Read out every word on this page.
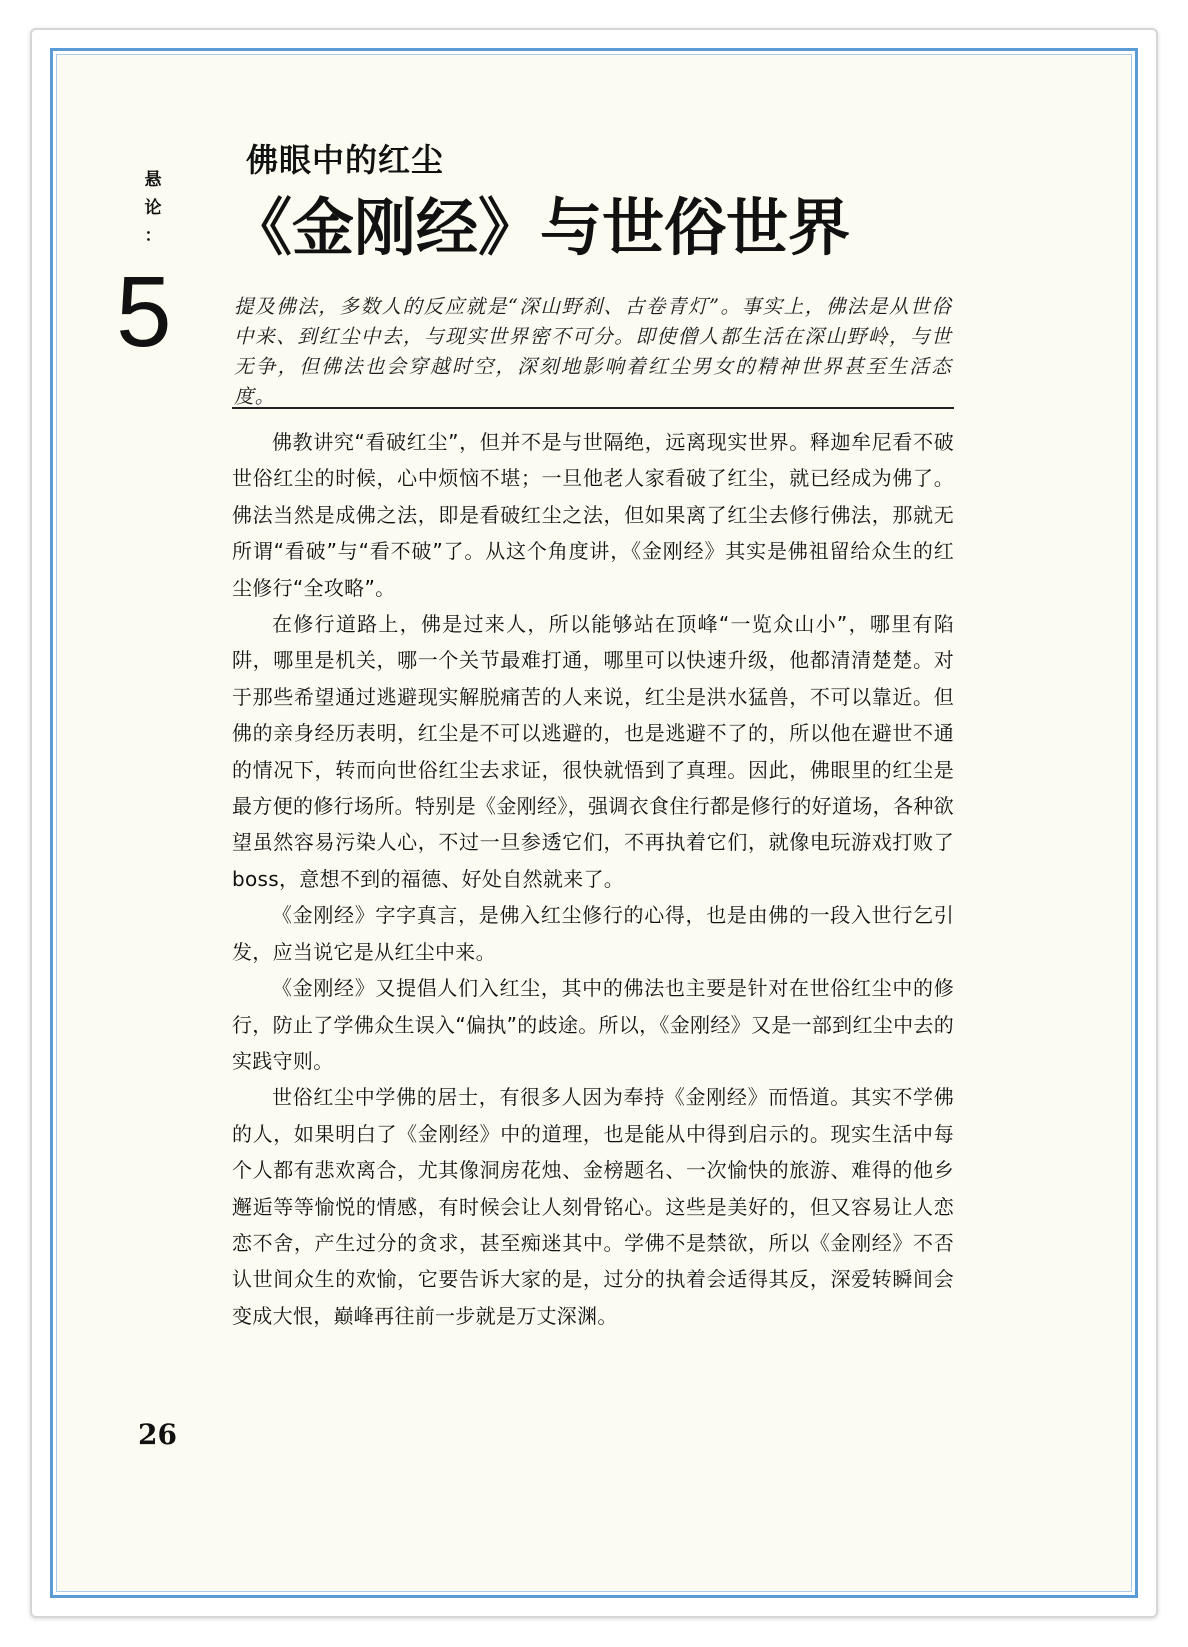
悬
论
：
5
佛眼中的红尘
《金刚经》与世俗世界
提及佛法，多数人的反应就是“深山野刹、古卷青灯”。事实上，佛法是从世俗中来、到红尘中去，与现实世界密不可分。即使僧人都生活在深山野岭，与世无争，但佛法也会穿越时空，深刻地影响着红尘男女的精神世界甚至生活态度。

佛教讲究“看破红尘”，但并不是与世隔绝，远离现实世界。释迦牟尼看不破世俗红尘的时候，心中烦恼不堪；一旦他老人家看破了红尘，就已经成为佛了。佛法当然是成佛之法，即是看破红尘之法，但如果离了红尘去修行佛法，那就无所谓“看破”与“看不破”了。从这个角度讲，《金刚经》其实是佛祖留给众生的红尘修行“全攻略”。

在修行道路上，佛是过来人，所以能够站在顶峰“一览众山小”，哪里有陷阱，哪里是机关，哪一个关节最难打通，哪里可以快速升级，他都清清楚楚。对于那些希望通过逃避现实解脱痛苦的人来说，红尘是洪水猛兽，不可以靠近。但佛的亲身经历表明，红尘是不可以逃避的，也是逃避不了的，所以他在避世不通的情况下，转而向世俗红尘去求证，很快就悟到了真理。因此，佛眼里的红尘是最方便的修行场所。特别是《金刚经》，强调衣食住行都是修行的好道场，各种欲望虽然容易污染人心，不过一旦参透它们，不再执着它们，就像电玩游戏打败了boss，意想不到的福德、好处自然就来了。

《金刚经》字字真言，是佛入红尘修行的心得，也是由佛的一段入世行乞引发，应当说它是从红尘中来。

《金刚经》又提倡人们入红尘，其中的佛法也主要是针对在世俗红尘中的修行，防止了学佛众生误入“偏执”的歧途。所以，《金刚经》又是一部到红尘中去的实践守则。

世俗红尘中学佛的居士，有很多人因为奉持《金刚经》而悟道。其实不学佛的人，如果明白了《金刚经》中的道理，也是能从中得到启示的。现实生活中每个人都有悲欢离合，尤其像洞房花烛、金榜题名、一次愉快的旅游、难得的他乡邂逅等等愉悦的情感，有时候会让人刻骨铭心。这些是美好的，但又容易让人恋恋不舍，产生过分的贪求，甚至痴迷其中。学佛不是禁欲，所以《金刚经》不否认世间众生的欢愉，它要告诉大家的是，过分的执着会适得其反，深爱转瞬间会变成大恨，巅峰再往前一步就是万丈深渊。

26
